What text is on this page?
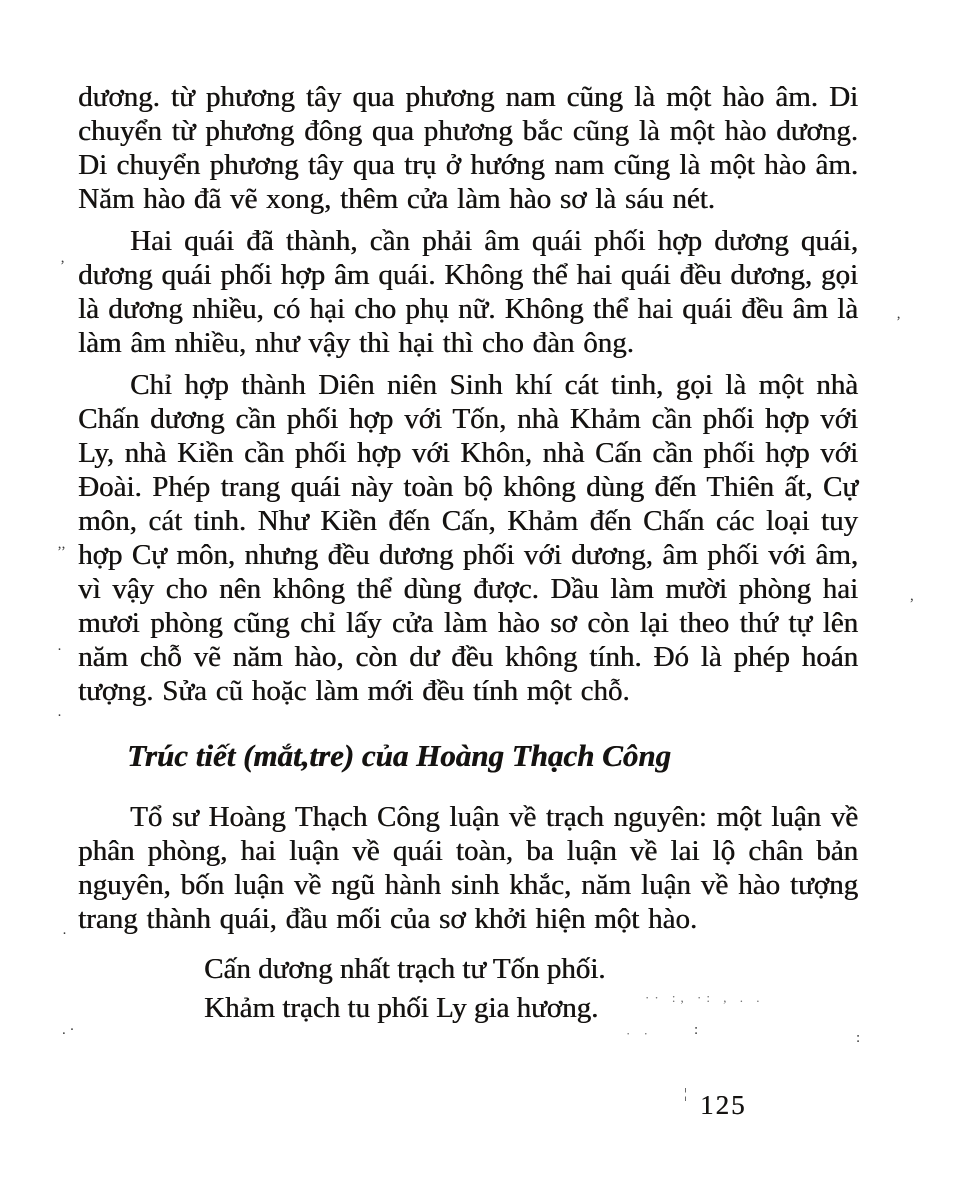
dương. từ phương tây qua phương nam cũng là một hào âm. Di chuyển từ phương đông qua phương bắc cũng là một hào dương. Di chuyển phương tây qua trụ ở hướng nam cũng là một hào âm. Năm hào đã vẽ xong, thêm cửa làm hào sơ là sáu nét.

Hai quái đã thành, cần phải âm quái phối hợp dương quái, dương quái phối hợp âm quái. Không thể hai quái đều dương, gọi là dương nhiều, có hại cho phụ nữ. Không thể hai quái đều âm là làm âm nhiều, như vậy thì hại thì cho đàn ông.

Chỉ hợp thành Diên niên Sinh khí cát tinh, gọi là một nhà Chấn dương cần phối hợp với Tốn, nhà Khảm cần phối hợp với Ly, nhà Kiền cần phối hợp với Khôn, nhà Cấn cần phối hợp với Đoài. Phép trang quái này toàn bộ không dùng đến Thiên ất, Cự môn, cát tinh. Như Kiền đến Cấn, Khảm đến Chấn các loại tuy hợp Cự môn, nhưng đều dương phối với dương, âm phối với âm, vì vậy cho nên không thể dùng được. Dầu làm mười phòng hai mươi phòng cũng chỉ lấy cửa làm hào sơ còn lại theo thứ tự lên năm chỗ vẽ năm hào, còn dư đều không tính. Đó là phép hoán tượng. Sửa cũ hoặc làm mới đều tính một chỗ.

Trúc tiết (mắt,tre) của Hoàng Thạch Công

Tổ sư Hoàng Thạch Công luận về trạch nguyên: một luận về phân phòng, hai luận về quái toàn, ba luận về lai lộ chân bản nguyên, bốn luận về ngũ hành sinh khắc, năm luận về hào tượng trang thành quái, đầu mối của sơ khởi hiện một hào.

Cấn dương nhất trạch tư Tốn phối.

Khảm trạch tu phối Ly gia hương.

125
’
’
’’
,
·
·
·
·· :, ·: , . .
. ·	· ·	:	:
¦
